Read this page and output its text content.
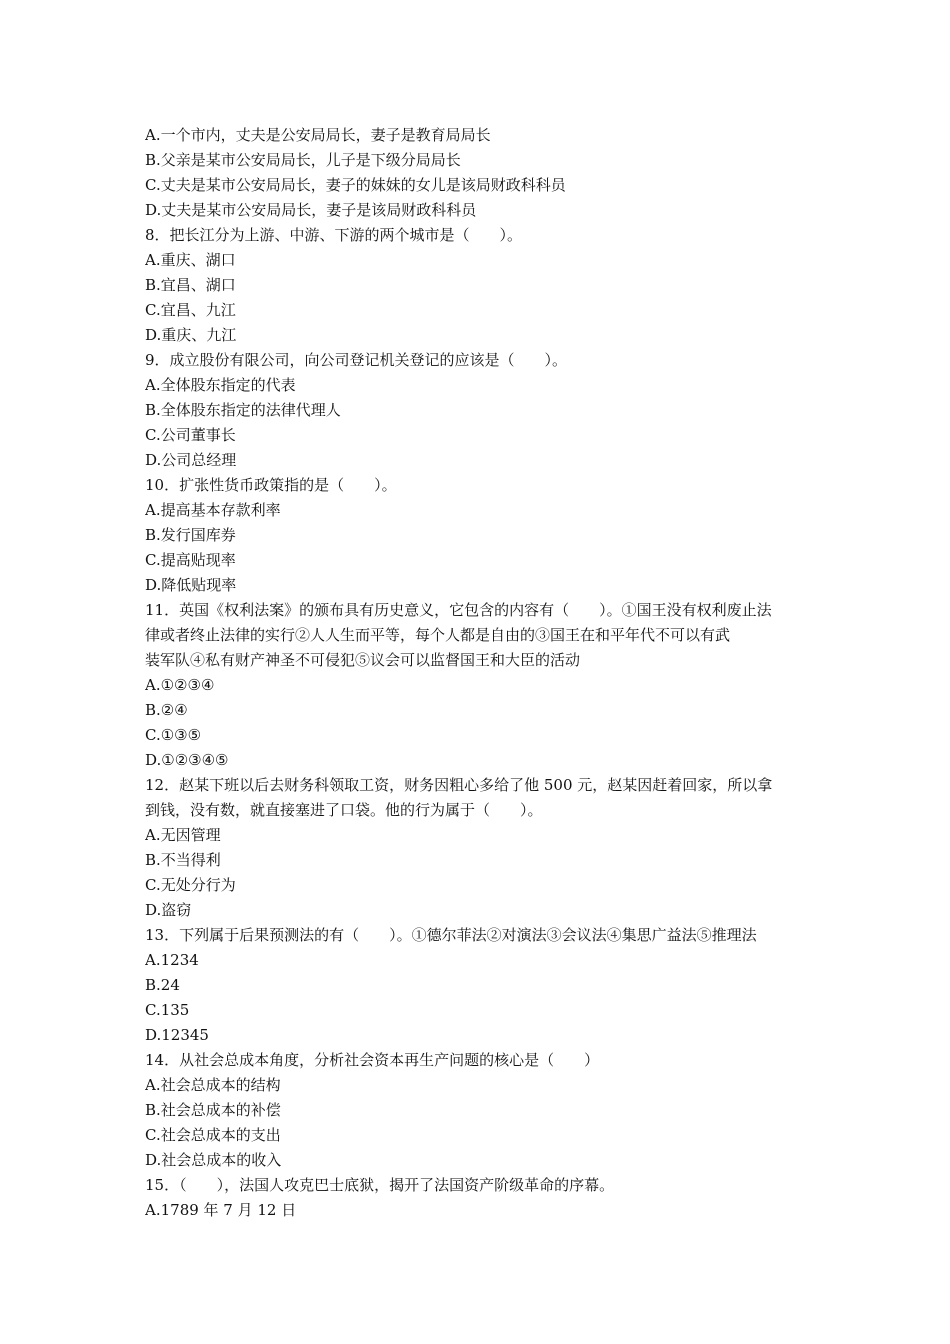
A.一个市内，丈夫是公安局局长，妻子是教育局局长
B.父亲是某市公安局局长，儿子是下级分局局长
C.丈夫是某市公安局局长，妻子的妹妹的女儿是该局财政科科员
D.丈夫是某市公安局局长，妻子是该局财政科科员
8．把长江分为上游、中游、下游的两个城市是（　　）。
A.重庆、湖口
B.宜昌、湖口
C.宜昌、九江
D.重庆、九江
9．成立股份有限公司，向公司登记机关登记的应该是（　　）。
A.全体股东指定的代表
B.全体股东指定的法律代理人
C.公司董事长
D.公司总经理
10．扩张性货币政策指的是（　　）。
A.提高基本存款利率
B.发行国库券
C.提高贴现率
D.降低贴现率
11．英国《权利法案》的颁布具有历史意义，它包含的内容有（　　）。①国王没有权利废止法
律或者终止法律的实行②人人生而平等，每个人都是自由的③国王在和平年代不可以有武
装军队④私有财产神圣不可侵犯⑤议会可以监督国王和大臣的活动
A.①②③④
B.②④
C.①③⑤
D.①②③④⑤
12．赵某下班以后去财务科领取工资，财务因粗心多给了他 500 元，赵某因赶着回家，所以拿
到钱，没有数，就直接塞进了口袋。他的行为属于（　　）。
A.无因管理
B.不当得利
C.无处分行为
D.盗窃
13．下列属于后果预测法的有（　　）。①德尔菲法②对演法③会议法④集思广益法⑤推理法
A.1234
B.24
C.135
D.12345
14．从社会总成本角度，分析社会资本再生产问题的核心是（　　）
A.社会总成本的结构
B.社会总成本的补偿
C.社会总成本的支出
D.社会总成本的收入
15．（　　），法国人攻克巴士底狱，揭开了法国资产阶级革命的序幕。
A.1789 年 7 月 12 日
